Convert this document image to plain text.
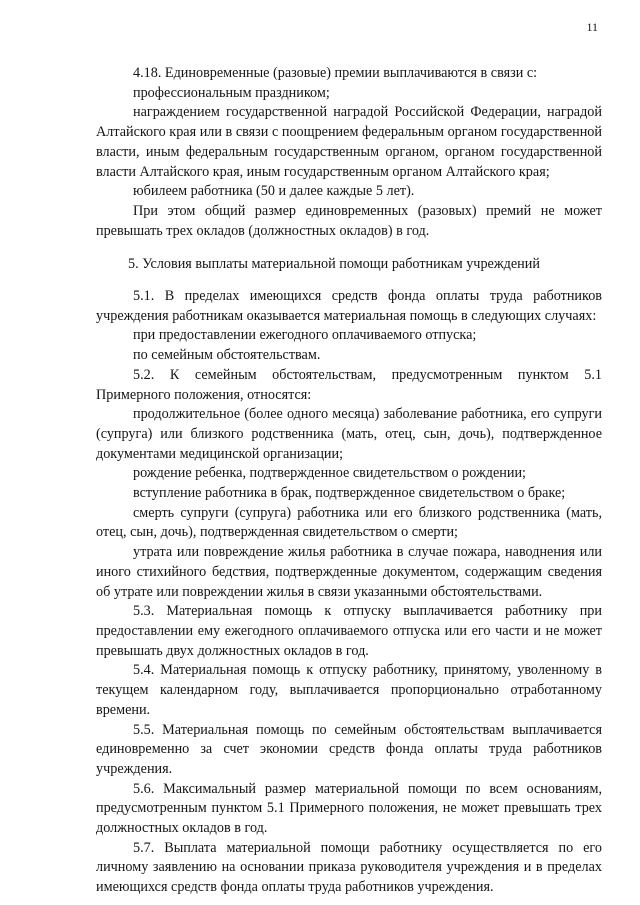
11

4.18. Единовременные (разовые) премии выплачиваются в связи с:

профессиональным праздником;

награждением государственной наградой Российской Федерации, наградой Алтайского края или в связи с поощрением федеральным органом государственной власти, иным федеральным государственным органом, органом государственной власти Алтайского края, иным государственным органом Алтайского края;

юбилеем работника (50 и далее каждые 5 лет).

При этом общий размер единовременных (разовых) премий не может превышать трех окладов (должностных окладов) в год.

5. Условия выплаты материальной помощи работникам учреждений

5.1. В пределах имеющихся средств фонда оплаты труда работников учреждения работникам оказывается материальная помощь в следующих случаях:

при предоставлении ежегодного оплачиваемого отпуска;

по семейным обстоятельствам.

5.2. К семейным обстоятельствам, предусмотренным пунктом 5.1 Примерного положения, относятся:

продолжительное (более одного месяца) заболевание работника, его супруги (супруга) или близкого родственника (мать, отец, сын, дочь), подтвержденное документами медицинской организации;

рождение ребенка, подтвержденное свидетельством о рождении;

вступление работника в брак, подтвержденное свидетельством о браке;

смерть супруги (супруга) работника или его близкого родственника (мать, отец, сын, дочь), подтвержденная свидетельством о смерти;

утрата или повреждение жилья работника в случае пожара, наводнения или иного стихийного бедствия, подтвержденные документом, содержащим сведения об утрате или повреждении жилья в связи указанными обстоятельствами.

5.3. Материальная помощь к отпуску выплачивается работнику при предоставлении ему ежегодного оплачиваемого отпуска или его части и не может превышать двух должностных окладов в год.

5.4. Материальная помощь к отпуску работнику, принятому, уволенному в текущем календарном году, выплачивается пропорционально отработанному времени.

5.5. Материальная помощь по семейным обстоятельствам выплачивается единовременно за счет экономии средств фонда оплаты труда работников учреждения.

5.6. Максимальный размер материальной помощи по всем основаниям, предусмотренным пунктом 5.1 Примерного положения, не может превышать трех должностных окладов в год.

5.7. Выплата материальной помощи работнику осуществляется по его личному заявлению на основании приказа руководителя учреждения и в пределах имеющихся средств фонда оплаты труда работников учреждения.
